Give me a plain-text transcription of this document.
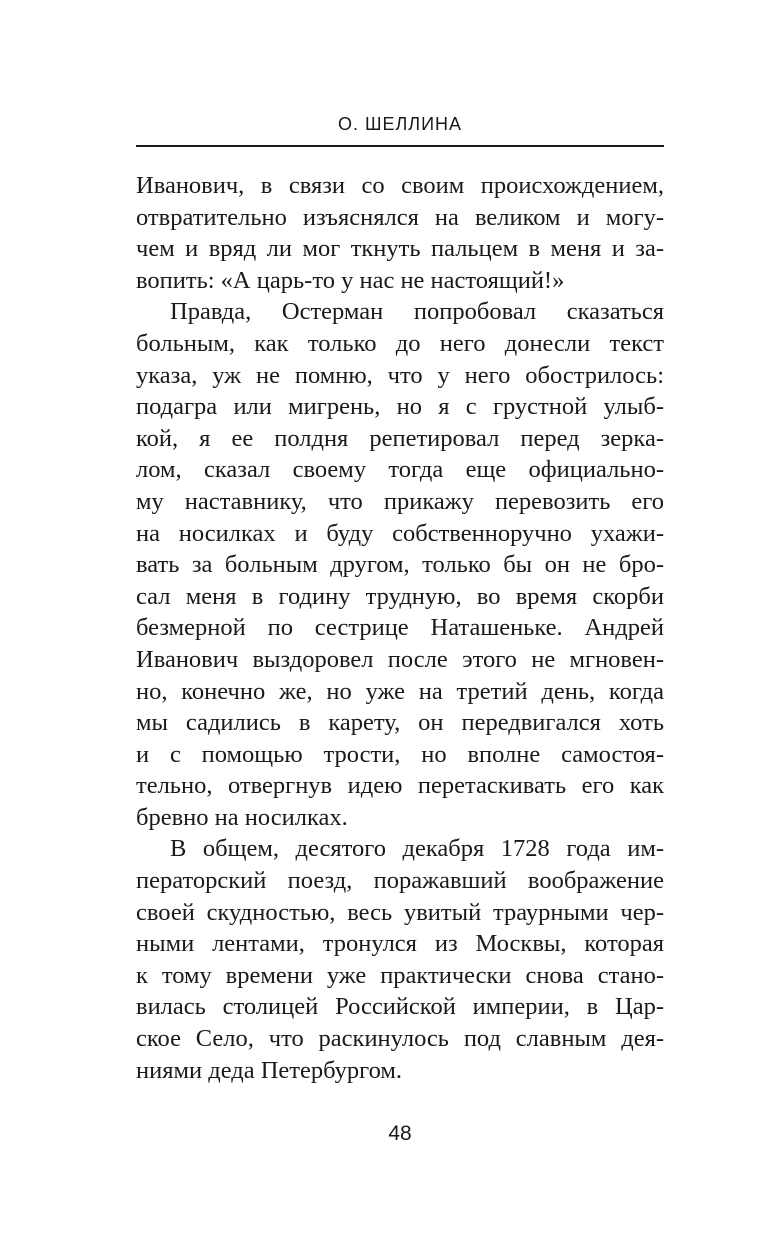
О. ШЕЛЛИНА
Иванович, в связи со своим происхождением,
отвратительно изъяснялся на великом и могу-
чем и вряд ли мог ткнуть пальцем в меня и за-
вопить: «А царь-то у нас не настоящий!»
Правда, Остерман попробовал сказаться
больным, как только до него донесли текст
указа, уж не помню, что у него обострилось:
подагра или мигрень, но я с грустной улыб-
кой, я ее полдня репетировал перед зерка-
лом, сказал своему тогда еще официально-
му наставнику, что прикажу перевозить его
на носилках и буду собственноручно ухажи-
вать за больным другом, только бы он не бро-
сал меня в годину трудную, во время скорби
безмерной по сестрице Наташеньке. Андрей
Иванович выздоровел после этого не мгновен-
но, конечно же, но уже на третий день, когда
мы садились в карету, он передвигался хоть
и с помощью трости, но вполне самостоя-
тельно, отвергнув идею перетаскивать его как
бревно на носилках.
В общем, десятого декабря 1728 года им-
ператорский поезд, поражавший воображение
своей скудностью, весь увитый траурными чер-
ными лентами, тронулся из Москвы, которая
к тому времени уже практически снова стано-
вилась столицей Российской империи, в Цар-
ское Село, что раскинулось под славным дея-
ниями деда Петербургом.
48
